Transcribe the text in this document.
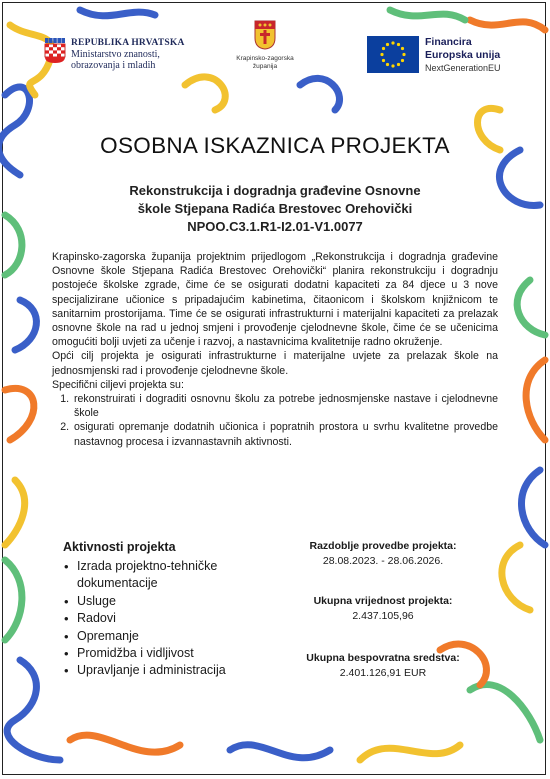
REPUBLIKA HRVATSKA
Ministarstvo znanosti,
obrazovanja i mladih
Krapinsko-zagorska
županija
Financira
Europska unija
NextGenerationEU
OSOBNA ISKAZNICA PROJEKTA
Rekonstrukcija i dogradnja građevine Osnovne
škole Stjepana Radića Brestovec Orehovički
NPOO.C3.1.R1-I2.01-V1.0077

Krapinsko-zagorska županija projektnim prijedlogom „Rekonstrukcija i dogradnja građevine Osnovne škole Stjepana Radića Brestovec Orehovički“ planira rekonstrukciju i dogradnju postojeće školske zgrade, čime će se osigurati dodatni kapaciteti za 84 djece u 3 nove specijalizirane učionice s pripadajućim kabinetima, čitaonicom i školskom knjižnicom te sanitarnim prostorijama. Time će se osigurati infrastrukturni i materijalni kapaciteti za prelazak osnovne škole na rad u jednoj smjeni i provođenje cjelodnevne škole, čime će se učenicima omogućiti bolji uvjeti za učenje i razvoj, a nastavnicima kvalitetnije radno okruženje.

Opći cilj projekta je osigurati infrastrukturne i materijalne uvjete za prelazak škole na jednosmjenski rad i provođenje cjelodnevne škole.

Specifični ciljevi projekta su:

1. rekonstruirati i dograditi osnovnu školu za potrebe jednosmjenske nastave i cjelodnevne škole
2. osigurati opremanje dodatnih učionica i popratnih prostora u svrhu kvalitetne provedbe nastavnog procesa i izvannastavnih aktivnosti.
Aktivnosti projekta
• Izrada projektno-tehničke dokumentacije
• Usluge
• Radovi
• Opremanje
• Promidžba i vidljivost
• Upravljanje i administracija
Razdoblje provedbe projekta:
28.08.2023. - 28.06.2026.
Ukupna vrijednost projekta:
2.437.105,96
Ukupna bespovratna sredstva:
2.401.126,91 EUR
